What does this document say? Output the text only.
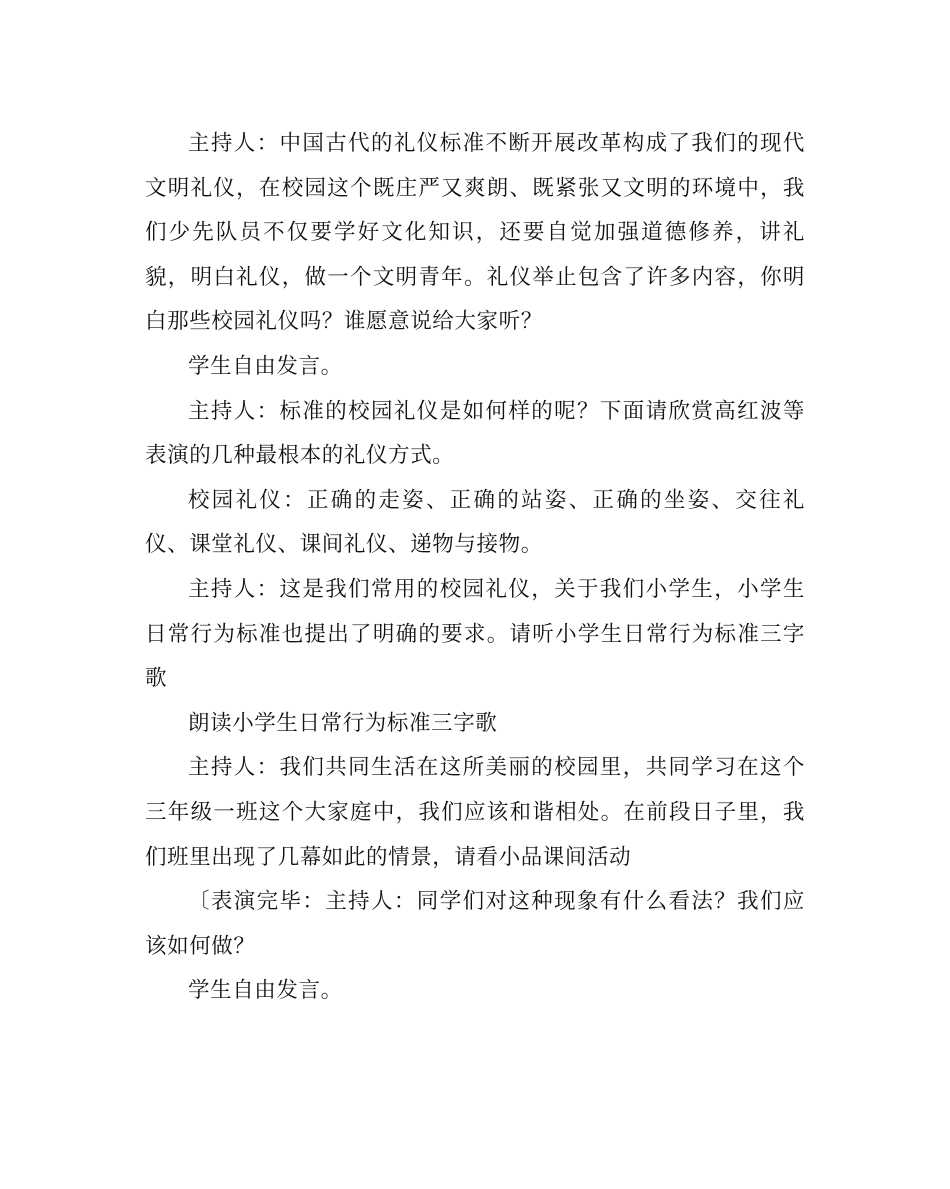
主持人：中国古代的礼仪标准不断开展改革构成了我们的现代文明礼仪，在校园这个既庄严又爽朗、既紧张又文明的环境中，我们少先队员不仅要学好文化知识，还要自觉加强道德修养，讲礼貌，明白礼仪，做一个文明青年。礼仪举止包含了许多内容，你明白那些校园礼仪吗？谁愿意说给大家听？

学生自由发言。

主持人：标准的校园礼仪是如何样的呢？下面请欣赏高红波等表演的几种最根本的礼仪方式。

校园礼仪：正确的走姿、正确的站姿、正确的坐姿、交往礼仪、课堂礼仪、课间礼仪、递物与接物。

主持人：这是我们常用的校园礼仪，关于我们小学生，小学生日常行为标准也提出了明确的要求。请听小学生日常行为标准三字歌

朗读小学生日常行为标准三字歌

主持人：我们共同生活在这所美丽的校园里，共同学习在这个三年级一班这个大家庭中，我们应该和谐相处。在前段日子里，我们班里出现了几幕如此的情景，请看小品课间活动

〔表演完毕：主持人：同学们对这种现象有什么看法？我们应该如何做？

学生自由发言。
